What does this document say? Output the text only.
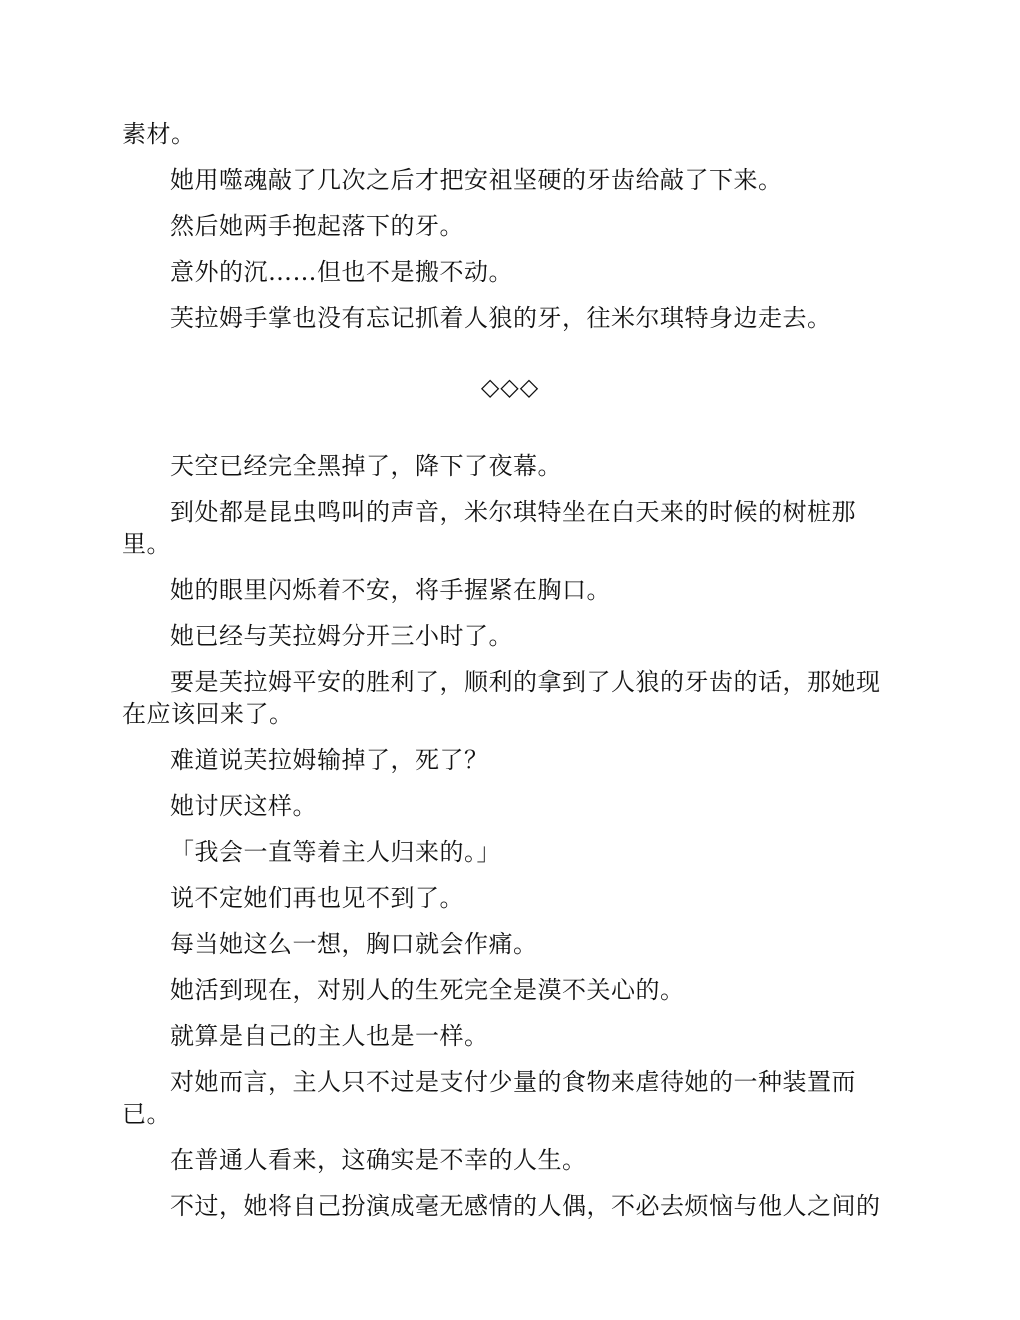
素材。

她用噬魂敲了几次之后才把安祖坚硬的牙齿给敲了下来。

然后她两手抱起落下的牙。

意外的沉……但也不是搬不动。

芙拉姆手掌也没有忘记抓着人狼的牙，往米尔琪特身边走去。

◇◇◇

天空已经完全黑掉了，降下了夜幕。

到处都是昆虫鸣叫的声音，米尔琪特坐在白天来的时候的树桩那里。

她的眼里闪烁着不安，将手握紧在胸口。

她已经与芙拉姆分开三小时了。

要是芙拉姆平安的胜利了，顺利的拿到了人狼的牙齿的话，那她现在应该回来了。

难道说芙拉姆输掉了，死了？

她讨厌这样。

「我会一直等着主人归来的。」

说不定她们再也见不到了。

每当她这么一想，胸口就会作痛。

她活到现在，对别人的生死完全是漠不关心的。

就算是自己的主人也是一样。

对她而言，主人只不过是支付少量的食物来虐待她的一种装置而已。

在普通人看来，这确实是不幸的人生。

不过，她将自己扮演成毫无感情的人偶，不必去烦恼与他人之间的
